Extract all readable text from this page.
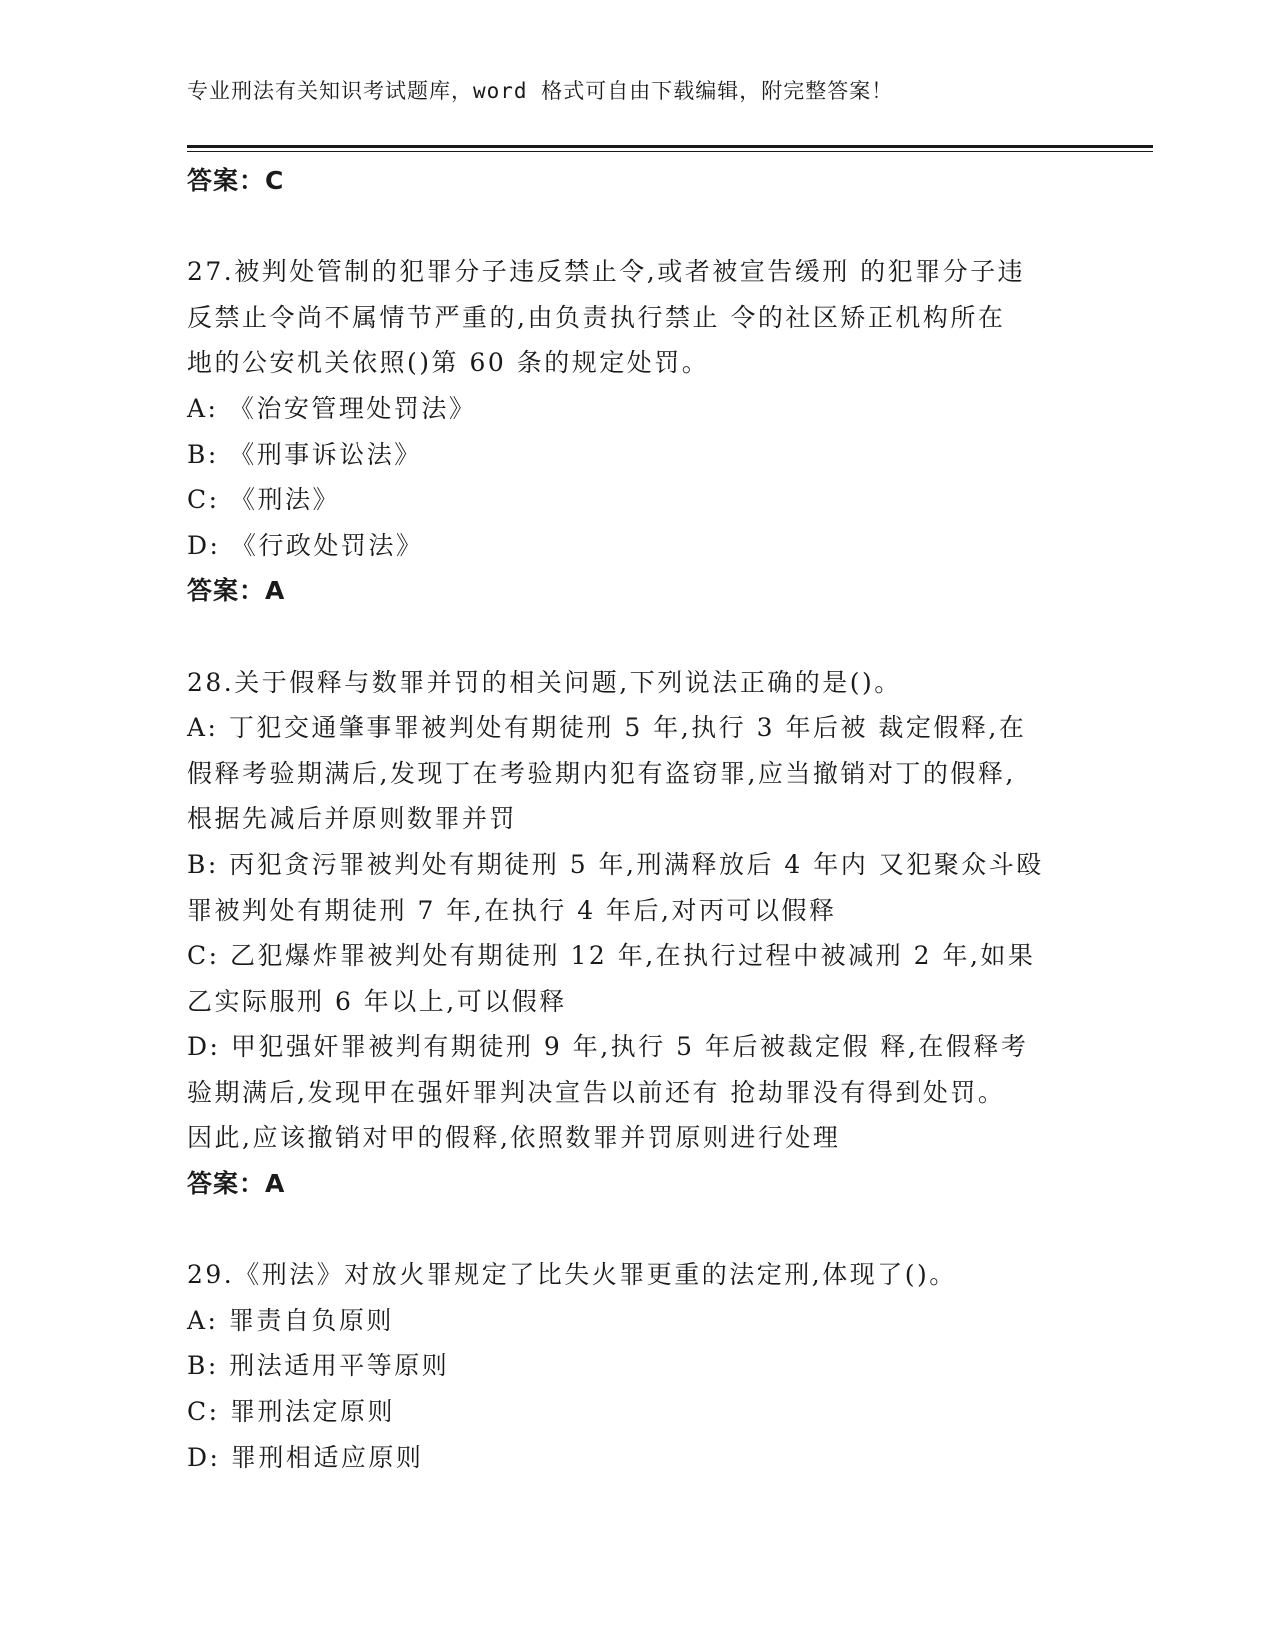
专业刑法有关知识考试题库，word 格式可自由下载编辑，附完整答案！
答案：C
27.被判处管制的犯罪分子违反禁止令,或者被宣告缓刑 的犯罪分子违
反禁止令尚不属情节严重的,由负责执行禁止 令的社区矫正机构所在
地的公安机关依照()第 60 条的规定处罚。
A: 《治安管理处罚法》
B: 《刑事诉讼法》
C: 《刑法》
D: 《行政处罚法》
答案：A
28.关于假释与数罪并罚的相关问题,下列说法正确的是()。
A: 丁犯交通肇事罪被判处有期徒刑 5 年,执行 3 年后被 裁定假释,在
假释考验期满后,发现丁在考验期内犯有盗窃罪,应当撤销对丁的假释,
根据先减后并原则数罪并罚
B: 丙犯贪污罪被判处有期徒刑 5 年,刑满释放后 4 年内 又犯聚众斗殴
罪被判处有期徒刑 7 年,在执行 4 年后,对丙可以假释
C: 乙犯爆炸罪被判处有期徒刑 12 年,在执行过程中被减刑 2 年,如果
乙实际服刑 6 年以上,可以假释
D: 甲犯强奸罪被判有期徒刑 9 年,执行 5 年后被裁定假 释,在假释考
验期满后,发现甲在强奸罪判决宣告以前还有 抢劫罪没有得到处罚。
因此,应该撤销对甲的假释,依照数罪并罚原则进行处理
答案：A
29.《刑法》对放火罪规定了比失火罪更重的法定刑,体现了()。
A: 罪责自负原则
B: 刑法适用平等原则
C: 罪刑法定原则
D: 罪刑相适应原则
